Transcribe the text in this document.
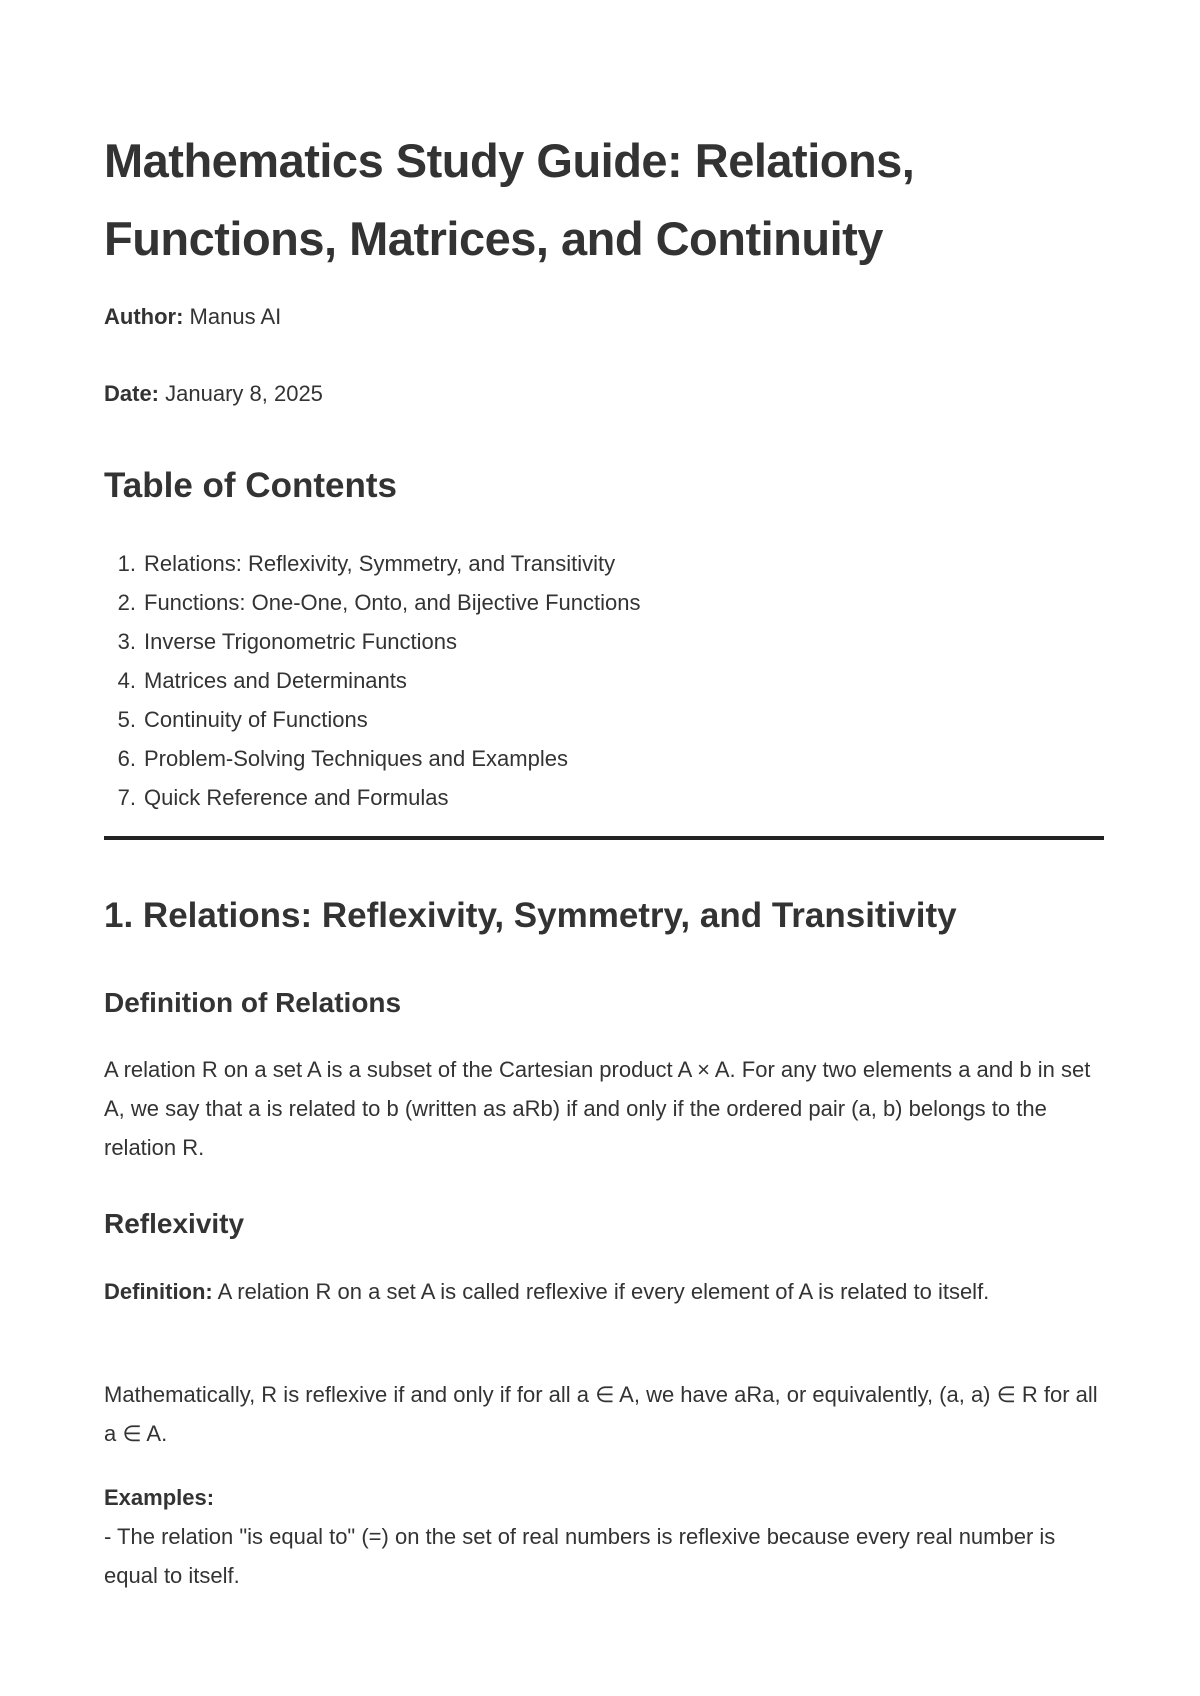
Mathematics Study Guide: Relations,
Functions, Matrices, and Continuity

Author: Manus AI

Date: January 8, 2025

Table of Contents
1. Relations: Reflexivity, Symmetry, and Transitivity
2. Functions: One-One, Onto, and Bijective Functions
3. Inverse Trigonometric Functions
4. Matrices and Determinants
5. Continuity of Functions
6. Problem-Solving Techniques and Examples
7. Quick Reference and Formulas
1. Relations: Reflexivity, Symmetry, and Transitivity
Definition of Relations

A relation R on a set A is a subset of the Cartesian product A × A. For any two elements a and b in set A, we say that a is related to b (written as aRb) if and only if the ordered pair (a, b) belongs to the relation R.

Reflexivity

Definition: A relation R on a set A is called reflexive if every element of A is related to itself.

Mathematically, R is reflexive if and only if for all a ∈ A, we have aRa, or equivalently, (a, a) ∈ R for all a ∈ A.

Examples:
- The relation "is equal to" (=) on the set of real numbers is reflexive because every real number is equal to itself.
